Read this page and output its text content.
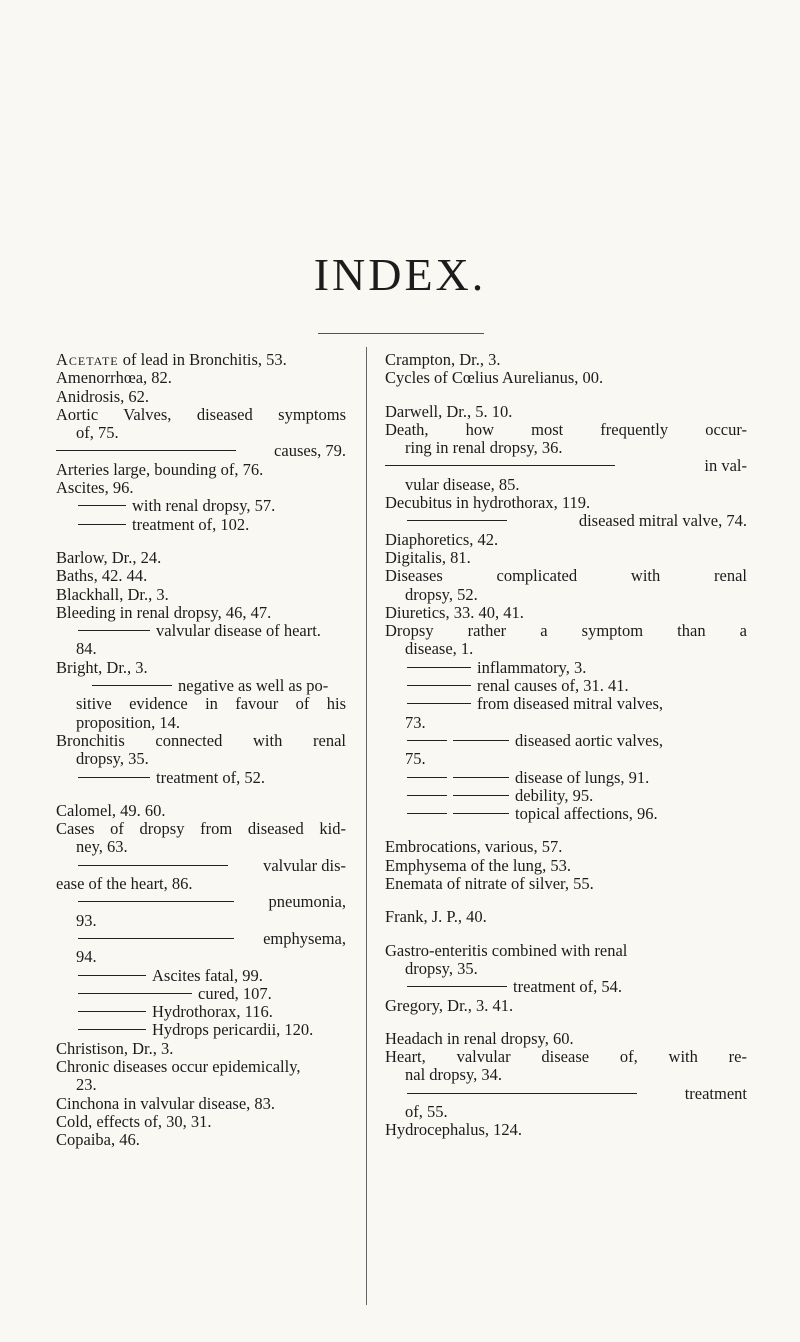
INDEX.
Acetate of lead in Bronchitis, 53.
Amenorrhœa, 82.
Anidrosis, 62.
Aortic Valves, diseased symptoms
of, 75.
causes, 79.
Arteries large, bounding of, 76.
Ascites, 96.
with renal dropsy, 57.
treatment of, 102.
Barlow, Dr., 24.
Baths, 42. 44.
Blackhall, Dr., 3.
Bleeding in renal dropsy, 46, 47.
valvular disease of heart.
84.
Bright, Dr., 3.
negative as well as po-
sitive evidence in favour of his
proposition, 14.
Bronchitis connected with renal
dropsy, 35.
treatment of, 52.
Calomel, 49. 60.
Cases of dropsy from diseased kid-
ney, 63.
valvular dis-
ease of the heart, 86.
pneumonia,
93.
emphysema,
94.
Ascites fatal, 99.
cured, 107.
Hydrothorax, 116.
Hydrops pericardii, 120.
Christison, Dr., 3.
Chronic diseases occur epidemically,
23.
Cinchona in valvular disease, 83.
Cold, effects of, 30, 31.
Copaiba, 46.
Crampton, Dr., 3.
Cycles of Cœlius Aurelianus, 00.
Darwell, Dr., 5. 10.
Death, how most frequently occur-
ring in renal dropsy, 36.
in val-
vular disease, 85.
Decubitus in hydrothorax, 119.
diseased mitral valve, 74.
Diaphoretics, 42.
Digitalis, 81.
Diseases complicated with renal
dropsy, 52.
Diuretics, 33. 40, 41.
Dropsy rather a symptom than a
disease, 1.
inflammatory, 3.
renal causes of, 31. 41.
from diseased mitral valves,
73.
diseased aortic valves,
75.
disease of lungs, 91.
debility, 95.
topical affections, 96.
Embrocations, various, 57.
Emphysema of the lung, 53.
Enemata of nitrate of silver, 55.
Frank, J. P., 40.
Gastro-enteritis combined with renal
dropsy, 35.
treatment of, 54.
Gregory, Dr., 3. 41.
Headach in renal dropsy, 60.
Heart, valvular disease of, with re-
nal dropsy, 34.
treatment
of, 55.
Hydrocephalus, 124.
